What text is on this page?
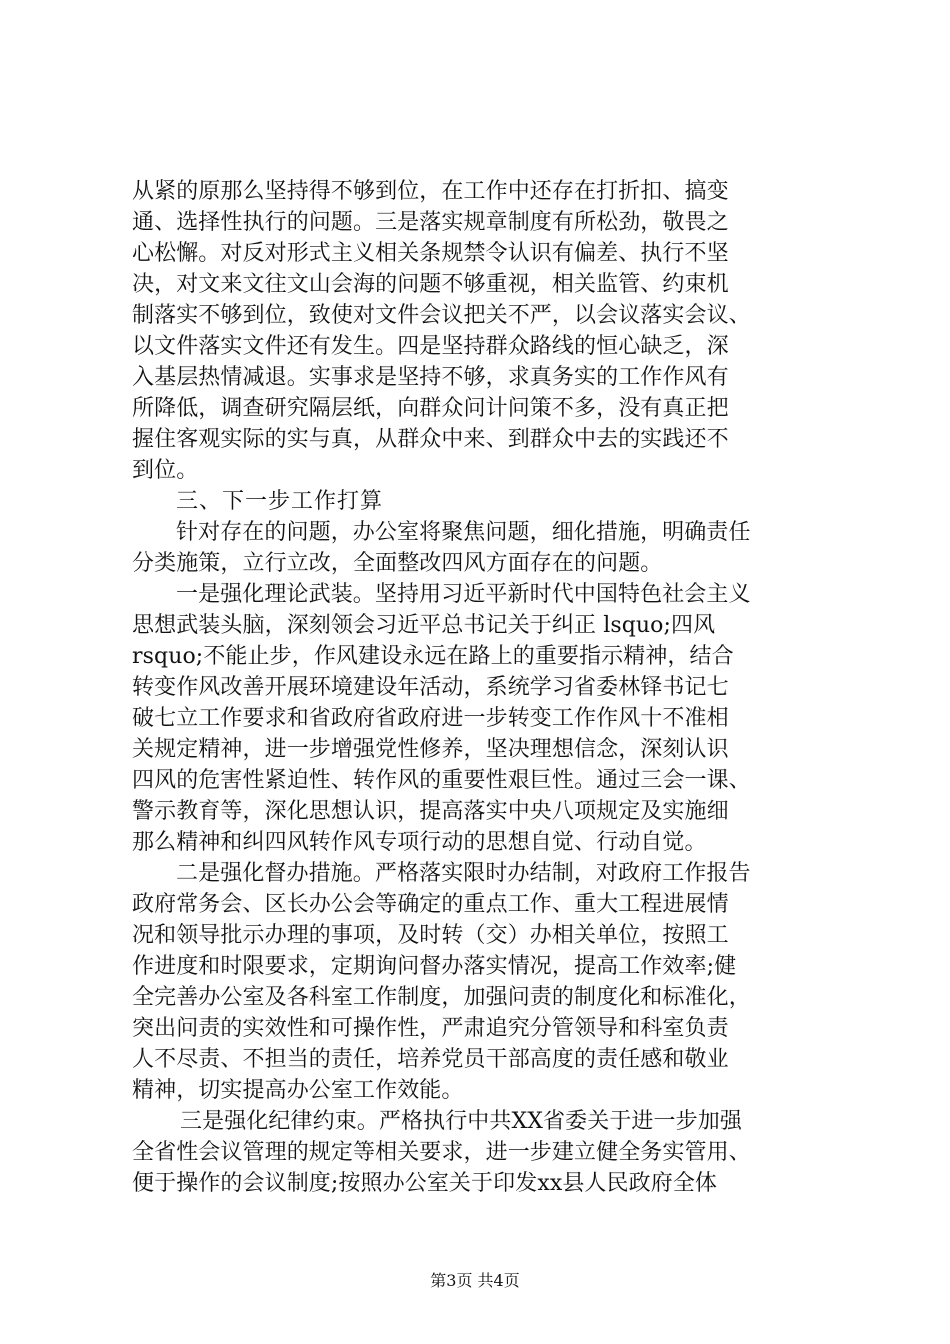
从紧的原那么坚持得不够到位，在工作中还存在打折扣、搞变
通、选择性执行的问题。三是落实规章制度有所松劲，敬畏之
心松懈。对反对形式主义相关条规禁令认识有偏差、执行不坚
决，对文来文往文山会海的问题不够重视，相关监管、约束机
制落实不够到位，致使对文件会议把关不严，以会议落实会议、
以文件落实文件还有发生。四是坚持群众路线的恒心缺乏，深
入基层热情减退。实事求是坚持不够，求真务实的工作作风有
所降低，调查研究隔层纸，向群众问计问策不多，没有真正把
握住客观实际的实与真，从群众中来、到群众中去的实践还不
到位。
三、下一步工作打算
针对存在的问题，办公室将聚焦问题，细化措施，明确责任
分类施策，立行立改，全面整改四风方面存在的问题。
一是强化理论武装。坚持用习近平新时代中国特色社会主义
思想武装头脑，深刻领会习近平总书记关于纠正 lsquo;四风
rsquo;不能止步，作风建设永远在路上的重要指示精神，结合
转变作风改善开展环境建设年活动，系统学习省委林铎书记七
破七立工作要求和省政府省政府进一步转变工作作风十不准相
关规定精神，进一步增强党性修养，坚决理想信念，深刻认识
四风的危害性紧迫性、转作风的重要性艰巨性。通过三会一课、
警示教育等，深化思想认识，提高落实中央八项规定及实施细
那么精神和纠四风转作风专项行动的思想自觉、行动自觉。
二是强化督办措施。严格落实限时办结制，对政府工作报告
政府常务会、区长办公会等确定的重点工作、重大工程进展情
况和领导批示办理的事项，及时转（交）办相关单位，按照工
作进度和时限要求，定期询问督办落实情况，提高工作效率;健
全完善办公室及各科室工作制度，加强问责的制度化和标准化，
突出问责的实效性和可操作性，严肃追究分管领导和科室负责
人不尽责、不担当的责任，培养党员干部高度的责任感和敬业
精神，切实提高办公室工作效能。
三是强化纪律约束。严格执行中共XX省委关于进一步加强
全省性会议管理的规定等相关要求，进一步建立健全务实管用、
便于操作的会议制度;按照办公室关于印发xx县人民政府全体
第3页 共4页
